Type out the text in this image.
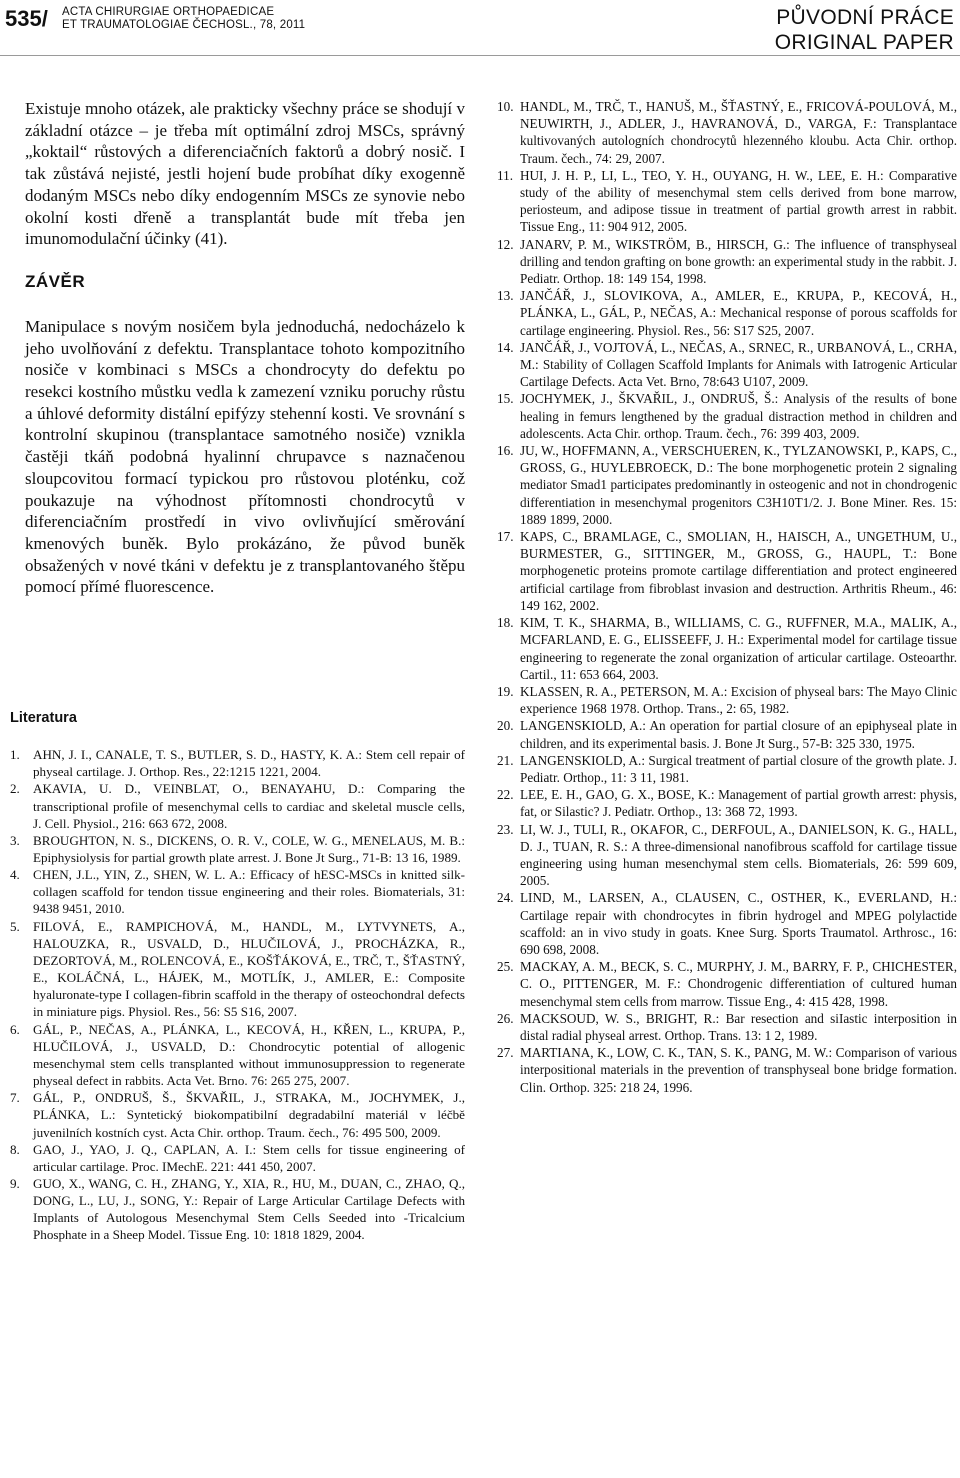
535/ ACTA CHIRURGIAE ORTHOPAEDICAE
ET TRAUMATOLOGIAE ČECHOSL., 78, 2011	PŮVODNÍ PRÁCE
ORIGINAL PAPER

Existuje mnoho otázek, ale prakticky všechny práce se shodují v základní otázce – je třeba mít optimální zdroj MSCs, správný „koktail“ růstových a diferenciačních faktorů a dobrý nosič. I tak zůstává nejisté, jestli hojení bude probíhat díky exogenně dodaným MSCs nebo díky endogenním MSCs ze synovie nebo okolní kosti dřeně a transplantát bude mít třeba jen imunomodulační účinky (41).

ZÁVĚR

Manipulace s novým nosičem byla jednoduchá, nedocházelo k jeho uvolňování z defektu. Transplantace tohoto kompozitního nosiče v kombinaci s MSCs a chondrocyty do defektu po resekci kostního můstku vedla k zamezení vzniku poruchy růstu a úhlové deformity distální epifýzy stehenní kosti. Ve srovnání s kontrolní skupinou (transplantace samotného nosiče) vznikla častěji tkáň podobná hyalinní chrupavce s naznačenou sloupcovitou formací typickou pro růstovou ploténku, což poukazuje na výhodnost přítomnosti chondrocytů v diferenciačním prostředí in vivo ovlivňující směrování kmenových buněk. Bylo prokázáno, že původ buněk obsažených v nové tkáni v defektu je z transplantovaného štěpu pomocí přímé fluorescence.

Literatura
1. AHN, J. I., CANALE, T. S., BUTLER, S. D., HASTY, K. A.: Stem cell repair of physeal cartilage. J. Orthop. Res., 22:1215 1221, 2004.
2. AKAVIA, U. D., VEINBLAT, O., BENAYAHU, D.: Comparing the transcriptional profile of mesenchymal cells to cardiac and skeletal muscle cells, J. Cell. Physiol., 216: 663 672, 2008.
3. BROUGHTON, N. S., DICKENS, O. R. V., COLE, W. G., MENELAUS, M. B.: Epiphysiolysis for partial growth plate arrest. J. Bone Jt Surg., 71-B: 13 16, 1989.
4. CHEN, J.L., YIN, Z., SHEN, W. L. A.: Efficacy of hESC-MSCs in knitted silk-collagen scaffold for tendon tissue engineering and their roles. Biomaterials, 31: 9438 9451, 2010.
5. FILOVÁ, E., RAMPICHOVÁ, M., HANDL, M., LYTVYNETS, A., HALOUZKA, R., USVALD, D., HLUČILOVÁ, J., PROCHÁZKA, R., DEZORTOVÁ, M., ROLENCOVÁ, E., KOŠŤÁKOVÁ, E., TRČ, T., ŠŤASTNÝ, E., KOLÁČNÁ, L., HÁJEK, M., MOTLÍK, J., AMLER, E.: Composite hyaluronate-type I collagen-fibrin scaffold in the therapy of osteochondral defects in miniature pigs. Physiol. Res., 56: S5 S16, 2007.
6. GÁL, P., NEČAS, A., PLÁNKA, L., KECOVÁ, H., KŘEN, L., KRUPA, P., HLUČILOVÁ, J., USVALD, D.: Chondrocytic potential of allogenic mesenchymal stem cells transplanted without immunosuppression to regenerate physeal defect in rabbits. Acta Vet. Brno. 76: 265 275, 2007.
7. GÁL, P., ONDRUŠ, Š., ŠKVAŘIL, J., STRAKA, M., JOCHYMEK, J., PLÁNKA, L.: Syntetický biokompatibilní degradabilní materiál v léčbě juvenilních kostních cyst. Acta Chir. orthop. Traum. čech., 76: 495 500, 2009.
8. GAO, J., YAO, J. Q., CAPLAN, A. I.: Stem cells for tissue engineering of articular cartilage. Proc. IMechE. 221: 441 450, 2007.
9. GUO, X., WANG, C. H., ZHANG, Y., XIA, R., HU, M., DUAN, C., ZHAO, Q., DONG, L., LU, J., SONG, Y.: Repair of Large Articular Cartilage Defects with Implants of Autologous Mesenchymal Stem Cells Seeded into -Tricalcium Phosphate in a Sheep Model. Tissue Eng. 10: 1818 1829, 2004.
10. HANDL, M., TRČ, T., HANUŠ, M., ŠŤASTNÝ, E., FRICOVÁ-POULOVÁ, M., NEUWIRTH, J., ADLER, J., HAVRANOVÁ, D., VARGA, F.: Transplantace kultivovaných autologních chondrocytů hlezenného kloubu. Acta Chir. orthop. Traum. čech., 74: 29, 2007.
11. HUI, J. H. P., LI, L., TEO, Y. H., OUYANG, H. W., LEE, E. H.: Comparative study of the ability of mesenchymal stem cells derived from bone marrow, periosteum, and adipose tissue in treatment of partial growth arrest in rabbit. Tissue Eng., 11: 904 912, 2005.
12. JANARV, P. M., WIKSTRÖM, B., HIRSCH, G.: The influence of transphyseal drilling and tendon grafting on bone growth: an experimental study in the rabbit. J. Pediatr. Orthop. 18: 149 154, 1998.
13. JANČÁŘ, J., SLOVIKOVA, A., AMLER, E., KRUPA, P., KECOVÁ, H., PLÁNKA, L., GÁL, P., NEČAS, A.: Mechanical response of porous scaffolds for cartilage engineering. Physiol. Res., 56: S17 S25, 2007.
14. JANČÁŘ, J., VOJTOVÁ, L., NEČAS, A., SRNEC, R., URBANOVÁ, L., CRHA, M.: Stability of Collagen Scaffold Implants for Animals with Iatrogenic Articular Cartilage Defects. Acta Vet. Brno, 78:643 U107, 2009.
15. JOCHYMEK, J., ŠKVAŘIL, J., ONDRUŠ, Š.: Analysis of the results of bone healing in femurs lengthened by the gradual distraction method in children and adolescents. Acta Chir. orthop. Traum. čech., 76: 399 403, 2009.
16. JU, W., HOFFMANN, A., VERSCHUEREN, K., TYLZANOWSKI, P., KAPS, C., GROSS, G., HUYLEBROECK, D.: The bone morphogenetic protein 2 signaling mediator Smad1 participates predominantly in osteogenic and not in chondrogenic differentiation in mesenchymal progenitors C3H10T1/2. J. Bone Miner. Res. 15: 1889 1899, 2000.
17. KAPS, C., BRAMLAGE, C., SMOLIAN, H., HAISCH, A., UNGETHUM, U., BURMESTER, G., SITTINGER, M., GROSS, G., HAUPL, T.: Bone morphogenetic proteins promote cartilage differentiation and protect engineered artificial cartilage from fibroblast invasion and destruction. Arthritis Rheum., 46: 149 162, 2002.
18. KIM, T. K., SHARMA, B., WILLIAMS, C. G., RUFFNER, M.A., MALIK, A., MCFARLAND, E. G., ELISSEEFF, J. H.: Experimental model for cartilage tissue engineering to regenerate the zonal organization of articular cartilage. Osteoarthr. Cartil., 11: 653 664, 2003.
19. KLASSEN, R. A., PETERSON, M. A.: Excision of physeal bars: The Mayo Clinic experience 1968 1978. Orthop. Trans., 2: 65, 1982.
20. LANGENSKIOLD, A.: An operation for partial closure of an epiphyseal plate in children, and its experimental basis. J. Bone Jt Surg., 57-B: 325 330, 1975.
21. LANGENSKIOLD, A.: Surgical treatment of partial closure of the growth plate. J. Pediatr. Orthop., 11: 3 11, 1981.
22. LEE, E. H., GAO, G. X., BOSE, K.: Management of partial growth arrest: physis, fat, or Silastic? J. Pediatr. Orthop., 13: 368 72, 1993.
23. LI, W. J., TULI, R., OKAFOR, C., DERFOUL, A., DANIELSON, K. G., HALL, D. J., TUAN, R. S.: A three-dimensional nanofibrous scaffold for cartilage tissue engineering using human mesenchymal stem cells. Biomaterials, 26: 599 609, 2005.
24. LIND, M., LARSEN, A., CLAUSEN, C., OSTHER, K., EVERLAND, H.: Cartilage repair with chondrocytes in fibrin hydrogel and MPEG polylactide scaffold: an in vivo study in goats. Knee Surg. Sports Traumatol. Arthrosc., 16: 690 698, 2008.
25. MACKAY, A. M., BECK, S. C., MURPHY, J. M., BARRY, F. P., CHICHESTER, C. O., PITTENGER, M. F.: Chondrogenic differentiation of cultured human mesenchymal stem cells from marrow. Tissue Eng., 4: 415 428, 1998.
26. MACKSOUD, W. S., BRIGHT, R.: Bar resection and siIastic interposition in distal radial physeal arrest. Orthop. Trans. 13: 1 2, 1989.
27. MARTIANA, K., LOW, C. K., TAN, S. K., PANG, M. W.: Comparison of various interpositional materials in the prevention of transphyseal bone bridge formation. Clin. Orthop. 325: 218 24, 1996.
